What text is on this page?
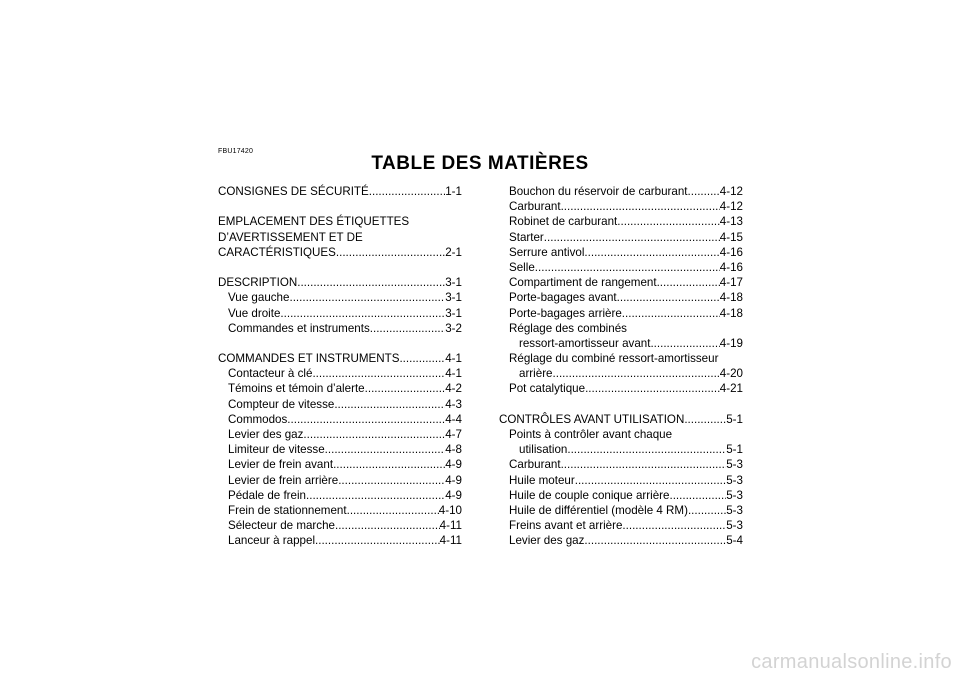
FBU17420
TABLE DES MATIÈRES
CONSIGNES DE SÉCURITÉ .....	1-1
EMPLACEMENT DES ÉTIQUETTES
D’AVERTISSEMENT ET DE
CARACTÉRISTIQUES .....	2-1
DESCRIPTION .....	3-1
Vue gauche .....	3-1
Vue droite .....	3-1
Commandes et instruments .....	3-2
COMMANDES ET INSTRUMENTS .....	4-1
Contacteur à clé .....	4-1
Témoins et témoin d’alerte .....	4-2
Compteur de vitesse .....	4-3
Commodos .....	4-4
Levier des gaz .....	4-7
Limiteur de vitesse .....	4-8
Levier de frein avant .....	4-9
Levier de frein arrière .....	4-9
Pédale de frein .....	4-9
Frein de stationnement .....	4-10
Sélecteur de marche .....	4-11
Lanceur à rappel .....	4-11
Bouchon du réservoir de carburant .....	4-12
Carburant .....	4-12
Robinet de carburant .....	4-13
Starter .....	4-15
Serrure antivol .....	4-16
Selle .....	4-16
Compartiment de rangement .....	4-17
Porte-bagages avant .....	4-18
Porte-bagages arrière .....	4-18
Réglage des combinés
ressort-amortisseur avant .....	4-19
Réglage du combiné ressort-amortisseur
arrière .....	4-20
Pot catalytique .....	4-21
CONTRÔLES AVANT UTILISATION .....	5-1
Points à contrôler avant chaque
utilisation .....	5-1
Carburant .....	5-3
Huile moteur .....	5-3
Huile de couple conique arrière .....	5-3
Huile de différentiel (modèle 4 RM) .....	5-3
Freins avant et arrière .....	5-3
Levier des gaz .....	5-4
carmanualsonline.info
